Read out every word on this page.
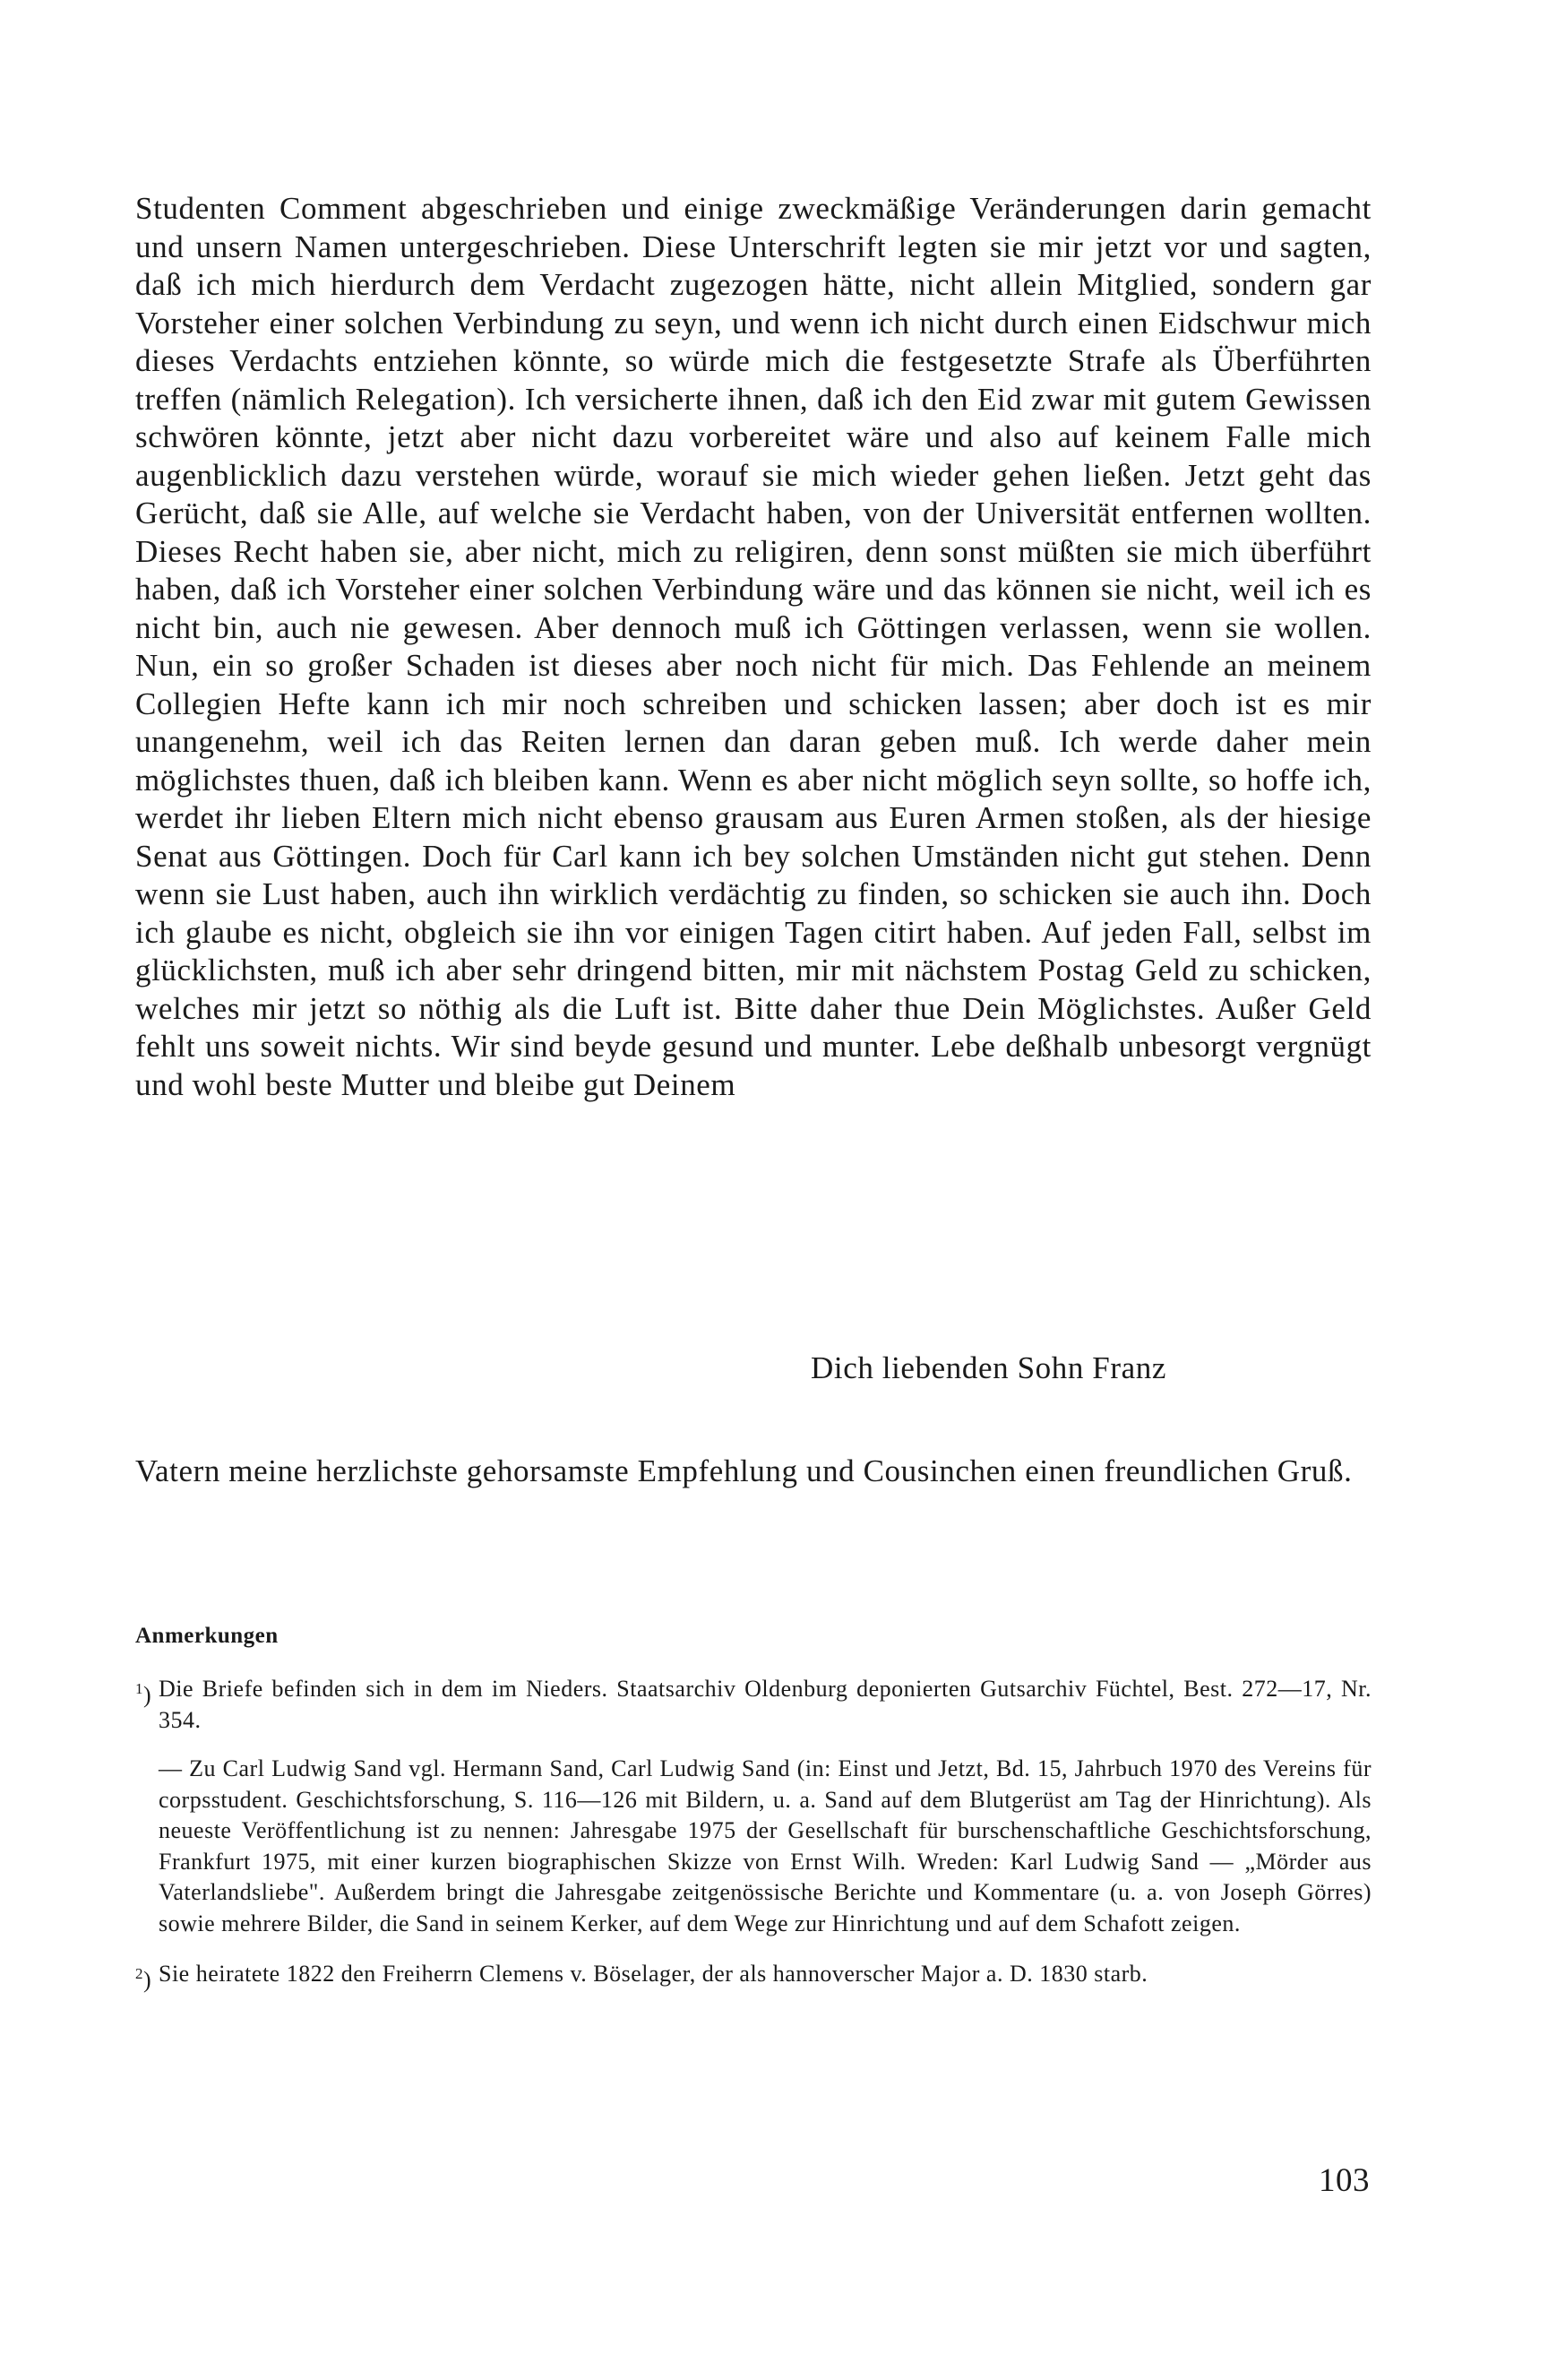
Studenten Comment abgeschrieben und einige zweckmäßige Veränderungen darin gemacht und unsern Namen untergeschrieben. Diese Unterschrift legten sie mir jetzt vor und sagten, daß ich mich hierdurch dem Verdacht zugezogen hätte, nicht allein Mitglied, sondern gar Vorsteher einer solchen Verbindung zu seyn, und wenn ich nicht durch einen Eidschwur mich dieses Verdachts entziehen könnte, so würde mich die festgesetzte Strafe als Überführten treffen (nämlich Relegation). Ich versicherte ihnen, daß ich den Eid zwar mit gutem Gewissen schwören könnte, jetzt aber nicht dazu vorbereitet wäre und also auf keinem Falle mich augenblicklich dazu verstehen würde, worauf sie mich wieder gehen ließen. Jetzt geht das Gerücht, daß sie Alle, auf welche sie Verdacht haben, von der Universität entfernen wollten. Dieses Recht haben sie, aber nicht, mich zu religiren, denn sonst müßten sie mich überführt haben, daß ich Vorsteher einer solchen Verbindung wäre und das können sie nicht, weil ich es nicht bin, auch nie gewesen. Aber dennoch muß ich Göttingen verlassen, wenn sie wollen. Nun, ein so großer Schaden ist dieses aber noch nicht für mich. Das Fehlende an meinem Collegien Hefte kann ich mir noch schreiben und schicken lassen; aber doch ist es mir unangenehm, weil ich das Reiten lernen dan daran geben muß. Ich werde daher mein möglichstes thuen, daß ich bleiben kann. Wenn es aber nicht möglich seyn sollte, so hoffe ich, werdet ihr lieben Eltern mich nicht ebenso grausam aus Euren Armen stoßen, als der hiesige Senat aus Göttingen. Doch für Carl kann ich bey solchen Umständen nicht gut stehen. Denn wenn sie Lust haben, auch ihn wirklich verdächtig zu finden, so schicken sie auch ihn. Doch ich glaube es nicht, obgleich sie ihn vor einigen Tagen citirt haben. Auf jeden Fall, selbst im glücklichsten, muß ich aber sehr dringend bitten, mir mit nächstem Postag Geld zu schicken, welches mir jetzt so nöthig als die Luft ist. Bitte daher thue Dein Möglichstes. Außer Geld fehlt uns soweit nichts. Wir sind beyde gesund und munter. Lebe deßhalb unbesorgt vergnügt und wohl beste Mutter und bleibe gut Deinem

Dich liebenden Sohn Franz

Vatern meine herzlichste gehorsamste Empfehlung und Cousinchen einen freundlichen Gruß.

Anmerkungen
$^1$) Die Briefe befinden sich in dem im Nieders. Staatsarchiv Oldenburg deponierten Gutsarchiv Füchtel, Best. 272—17, Nr. 354.

— Zu Carl Ludwig Sand vgl. Hermann Sand, Carl Ludwig Sand (in: Einst und Jetzt, Bd. 15, Jahrbuch 1970 des Vereins für corpsstudent. Geschichtsforschung, S. 116—126 mit Bildern, u. a. Sand auf dem Blutgerüst am Tag der Hinrichtung). Als neueste Veröffentlichung ist zu nennen: Jahresgabe 1975 der Gesellschaft für burschenschaftliche Geschichtsforschung, Frankfurt 1975, mit einer kurzen biographischen Skizze von Ernst Wilh. Wreden: Karl Ludwig Sand — „Mörder aus Vaterlandsliebe". Außerdem bringt die Jahresgabe zeitgenössische Berichte und Kommentare (u. a. von Joseph Görres) sowie mehrere Bilder, die Sand in seinem Kerker, auf dem Wege zur Hinrichtung und auf dem Schafott zeigen.

$^2$) Sie heiratete 1822 den Freiherrn Clemens v. Böselager, der als hannoverscher Major a. D. 1830 starb.

103
